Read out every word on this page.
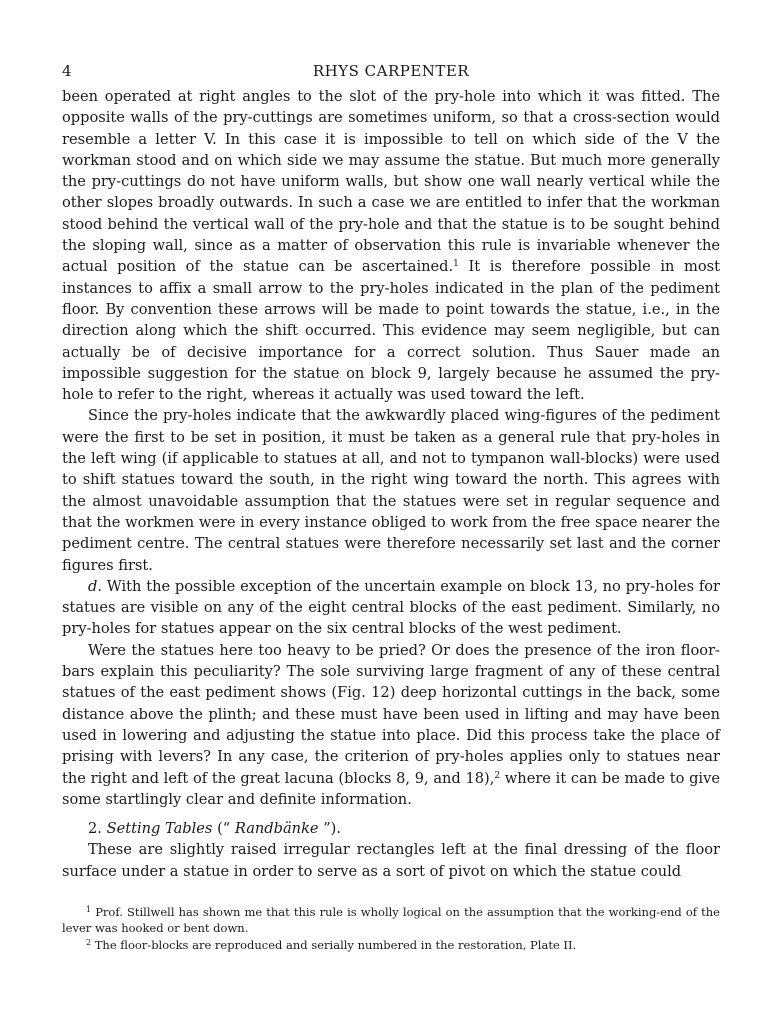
4	RHYS CARPENTER

been operated at right angles to the slot of the pry-hole into which it was fitted. The opposite walls of the pry-cuttings are sometimes uniform, so that a cross-section would resemble a letter V. In this case it is impossible to tell on which side of the V the workman stood and on which side we may assume the statue. But much more generally the pry-cuttings do not have uniform walls, but show one wall nearly vertical while the other slopes broadly outwards. In such a case we are entitled to infer that the workman stood behind the vertical wall of the pry-hole and that the statue is to be sought behind the sloping wall, since as a matter of observation this rule is invariable whenever the actual position of the statue can be ascertained.$^1$ It is therefore possible in most instances to affix a small arrow to the pry-holes indicated in the plan of the pediment floor. By convention these arrows will be made to point towards the statue, i.e., in the direction along which the shift occurred. This evidence may seem negligible, but can actually be of decisive importance for a correct solution. Thus Sauer made an impossible suggestion for the statue on block 9, largely because he assumed the pry-hole to refer to the right, whereas it actually was used toward the left.

Since the pry-holes indicate that the awkwardly placed wing-figures of the pediment were the first to be set in position, it must be taken as a general rule that pry-holes in the left wing (if applicable to statues at all, and not to tympanon wall-blocks) were used to shift statues toward the south, in the right wing toward the north. This agrees with the almost unavoidable assumption that the statues were set in regular sequence and that the workmen were in every instance obliged to work from the free space nearer the pediment centre. The central statues were therefore necessarily set last and the corner figures first.

d. With the possible exception of the uncertain example on block 13, no pry-holes for statues are visible on any of the eight central blocks of the east pediment. Similarly, no pry-holes for statues appear on the six central blocks of the west pediment.

Were the statues here too heavy to be pried? Or does the presence of the iron floor-bars explain this peculiarity? The sole surviving large fragment of any of these central statues of the east pediment shows (Fig. 12) deep horizontal cuttings in the back, some distance above the plinth; and these must have been used in lifting and may have been used in lowering and adjusting the statue into place. Did this process take the place of prising with levers? In any case, the criterion of pry-holes applies only to statues near the right and left of the great lacuna (blocks 8, 9, and 18),$^2$ where it can be made to give some startlingly clear and definite information.

2. Setting Tables (“ Randbänke ”).

These are slightly raised irregular rectangles left at the final dressing of the floor surface under a statue in order to serve as a sort of pivot on which the statue could

$^1$ Prof. Stillwell has shown me that this rule is wholly logical on the assumption that the working-end of the lever was hooked or bent down.

$^2$ The floor-blocks are reproduced and serially numbered in the restoration, Plate II.
